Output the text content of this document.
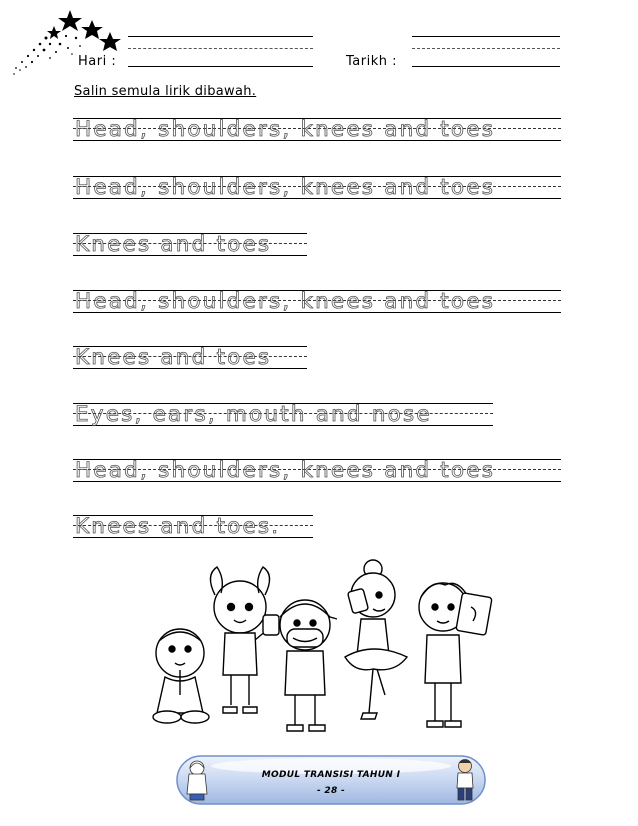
Hari :	Tarikh :
Salin semula lirik dibawah.
Head, shoulders, knees and toes
Head, shoulders, knees and toes
Knees and toes
Head, shoulders, knees and toes
Knees and toes
Eyes, ears, mouth and nose
Head, shoulders, knees and toes
Knees and toes.
MODUL TRANSISI TAHUN I
- 28 -
